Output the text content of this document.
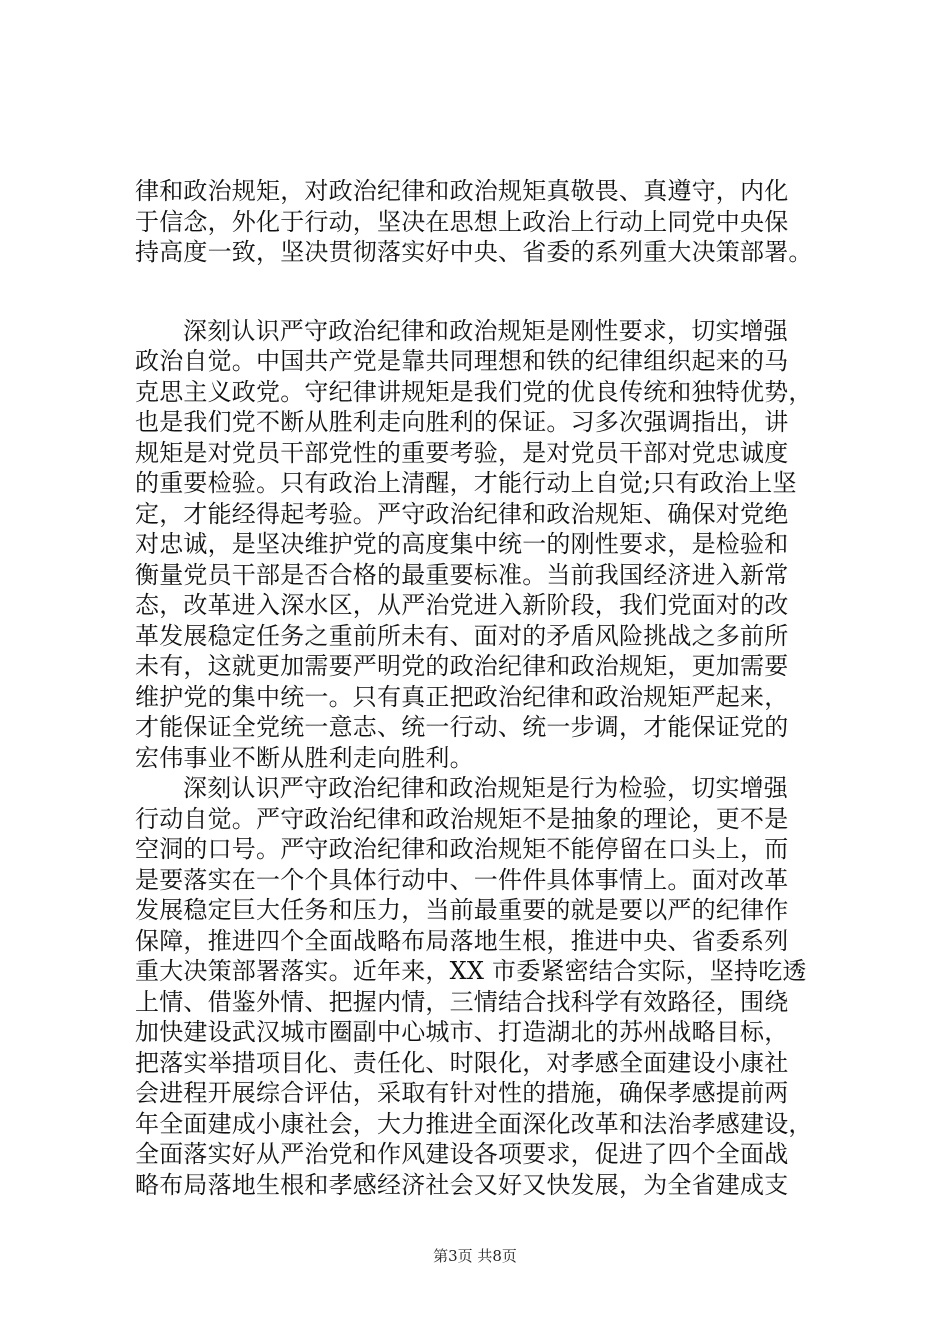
律和政治规矩，对政治纪律和政治规矩真敬畏、真遵守，内化
于信念，外化于行动，坚决在思想上政治上行动上同党中央保
持高度一致，坚决贯彻落实好中央、省委的系列重大决策部署。
深刻认识严守政治纪律和政治规矩是刚性要求，切实增强
政治自觉。中国共产党是靠共同理想和铁的纪律组织起来的马
克思主义政党。守纪律讲规矩是我们党的优良传统和独特优势，
也是我们党不断从胜利走向胜利的保证。习多次强调指出，讲
规矩是对党员干部党性的重要考验，是对党员干部对党忠诚度
的重要检验。只有政治上清醒，才能行动上自觉;只有政治上坚
定，才能经得起考验。严守政治纪律和政治规矩、确保对党绝
对忠诚，是坚决维护党的高度集中统一的刚性要求，是检验和
衡量党员干部是否合格的最重要标准。当前我国经济进入新常
态，改革进入深水区，从严治党进入新阶段，我们党面对的改
革发展稳定任务之重前所未有、面对的矛盾风险挑战之多前所
未有，这就更加需要严明党的政治纪律和政治规矩，更加需要
维护党的集中统一。只有真正把政治纪律和政治规矩严起来，
才能保证全党统一意志、统一行动、统一步调，才能保证党的
宏伟事业不断从胜利走向胜利。
深刻认识严守政治纪律和政治规矩是行为检验，切实增强
行动自觉。严守政治纪律和政治规矩不是抽象的理论，更不是
空洞的口号。严守政治纪律和政治规矩不能停留在口头上，而
是要落实在一个个具体行动中、一件件具体事情上。面对改革
发展稳定巨大任务和压力，当前最重要的就是要以严的纪律作
保障，推进四个全面战略布局落地生根，推进中央、省委系列
重大决策部署落实。近年来，XX 市委紧密结合实际，坚持吃透
上情、借鉴外情、把握内情，三情结合找科学有效路径，围绕
加快建设武汉城市圈副中心城市、打造湖北的苏州战略目标，
把落实举措项目化、责任化、时限化，对孝感全面建设小康社
会进程开展综合评估，采取有针对性的措施，确保孝感提前两
年全面建成小康社会，大力推进全面深化改革和法治孝感建设，
全面落实好从严治党和作风建设各项要求，促进了四个全面战
略布局落地生根和孝感经济社会又好又快发展，为全省建成支
第3页 共8页
